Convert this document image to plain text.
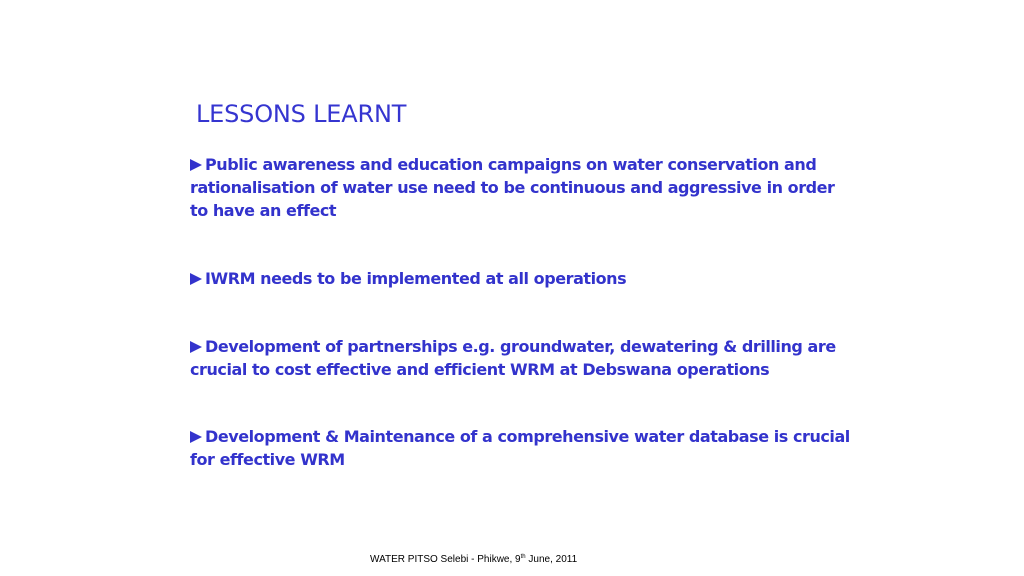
LESSONS LEARNT

Public awareness and education campaigns on water conservation and rationalisation of water use need to be continuous and aggressive in order to have an effect

IWRM needs to be implemented at all operations

Development of partnerships e.g. groundwater, dewatering & drilling are crucial to cost effective and efficient WRM at Debswana operations

Development & Maintenance of a comprehensive water database is crucial for effective WRM

WATER PITSO Selebi - Phikwe, 9th June, 2011
